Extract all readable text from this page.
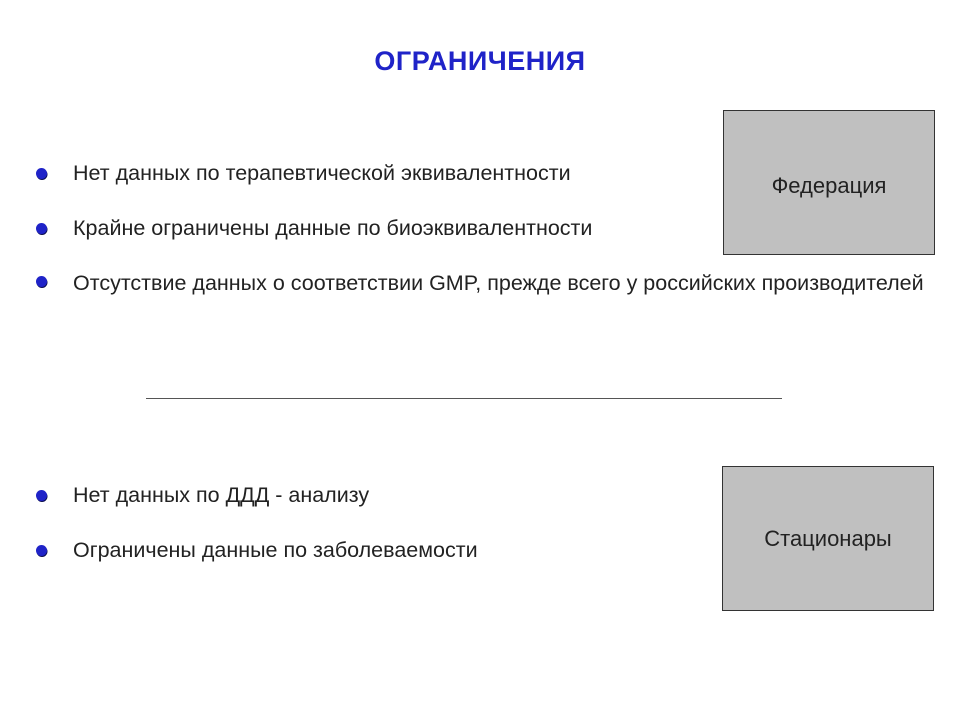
ОГРАНИЧЕНИЯ
Нет данных по терапевтической эквивалентности
Крайне ограничены данные по биоэквивалентности
Отсутствие данных о соответствии GMP, прежде всего у российских производителей
Нет данных по ДДД - анализу
Ограничены данные по заболеваемости
Федерация
Стационары
